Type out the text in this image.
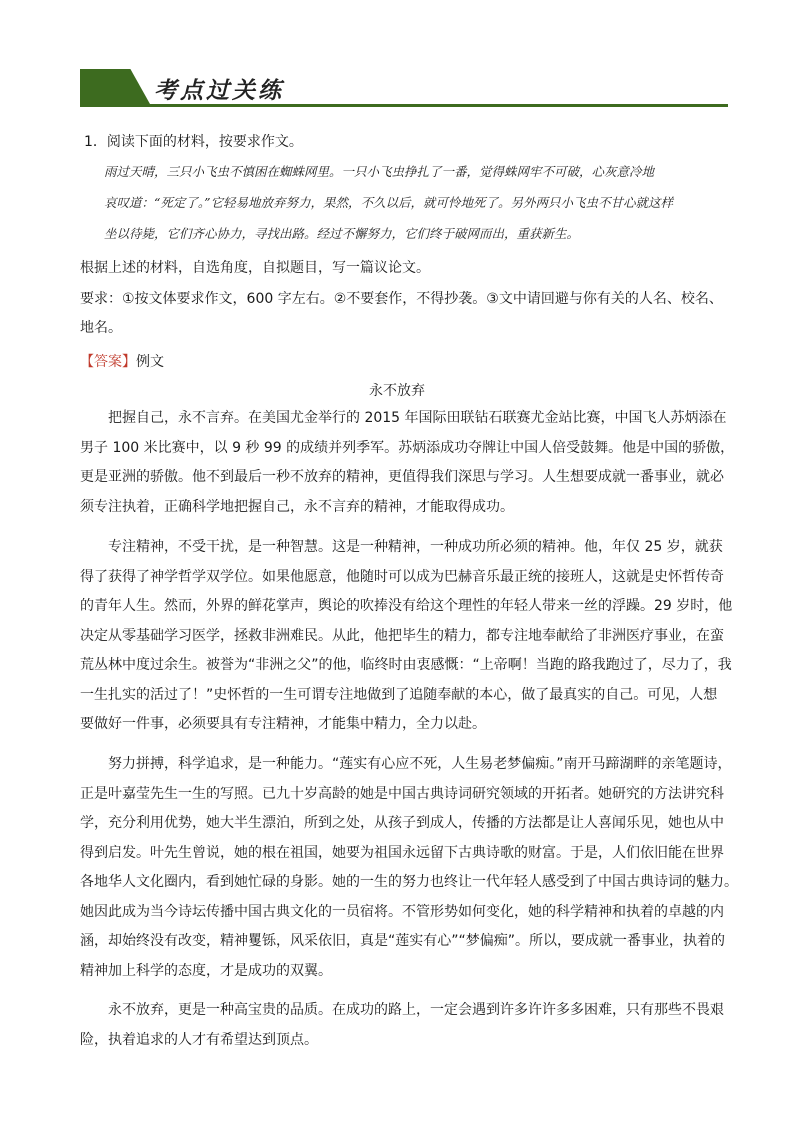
考点过关练
1．阅读下面的材料，按要求作文。
雨过天晴，三只小飞虫不慎困在蜘蛛网里。一只小飞虫挣扎了一番，觉得蛛网牢不可破，心灰意冷地
哀叹道：“死定了。”它轻易地放弃努力，果然，不久以后，就可怜地死了。另外两只小飞虫不甘心就这样
坐以待毙，它们齐心协力，寻找出路。经过不懈努力，它们终于破网而出，重获新生。
根据上述的材料，自选角度，自拟题目，写一篇议论文。
要求：①按文体要求作文，600 字左右。②不要套作，不得抄袭。③文中请回避与你有关的人名、校名、
地名。
【答案】例文
永不放弃
　　把握自己，永不言弃。在美国尤金举行的 2015 年国际田联钻石联赛尤金站比赛，中国飞人苏炳添在
男子 100 米比赛中，以 9 秒 99 的成绩并列季军。苏炳添成功夺牌让中国人倍受鼓舞。他是中国的骄傲，
更是亚洲的骄傲。他不到最后一秒不放弃的精神，更值得我们深思与学习。人生想要成就一番事业，就必
须专注执着，正确科学地把握自己，永不言弃的精神，才能取得成功。
　　专注精神，不受干扰，是一种智慧。这是一种精神，一种成功所必须的精神。他，年仅 25 岁，就获
得了获得了神学哲学双学位。如果他愿意，他随时可以成为巴赫音乐最正统的接班人，这就是史怀哲传奇
的青年人生。然而，外界的鲜花掌声，舆论的吹捧没有给这个理性的年轻人带来一丝的浮躁。29 岁时，他
决定从零基础学习医学，拯救非洲难民。从此，他把毕生的精力，都专注地奉献给了非洲医疗事业，在蛮
荒丛林中度过余生。被誉为“非洲之父”的他，临终时由衷感慨：“上帝啊！当跑的路我跑过了，尽力了，我
一生扎实的活过了！”史怀哲的一生可谓专注地做到了追随奉献的本心，做了最真实的自己。可见，人想
要做好一件事，必须要具有专注精神，才能集中精力，全力以赴。
　　努力拼搏，科学追求，是一种能力。“莲实有心应不死，人生易老梦偏痴。”南开马蹄湖畔的亲笔题诗，
正是叶嘉莹先生一生的写照。已九十岁高龄的她是中国古典诗词研究领域的开拓者。她研究的方法讲究科
学，充分利用优势，她大半生漂泊，所到之处，从孩子到成人，传播的方法都是让人喜闻乐见，她也从中
得到启发。叶先生曾说，她的根在祖国，她要为祖国永远留下古典诗歌的财富。于是，人们依旧能在世界
各地华人文化圈内，看到她忙碌的身影。她的一生的努力也终让一代年轻人感受到了中国古典诗词的魅力。
她因此成为当今诗坛传播中国古典文化的一员宿将。不管形势如何变化，她的科学精神和执着的卓越的内
涵，却始终没有改变，精神矍铄，风采依旧，真是“莲实有心”“梦偏痴”。所以，要成就一番事业，执着的
精神加上科学的态度，才是成功的双翼。
　　永不放弃，更是一种高宝贵的品质。在成功的路上，一定会遇到许多许许多多困难，只有那些不畏艰
险，执着追求的人才有希望达到顶点。
